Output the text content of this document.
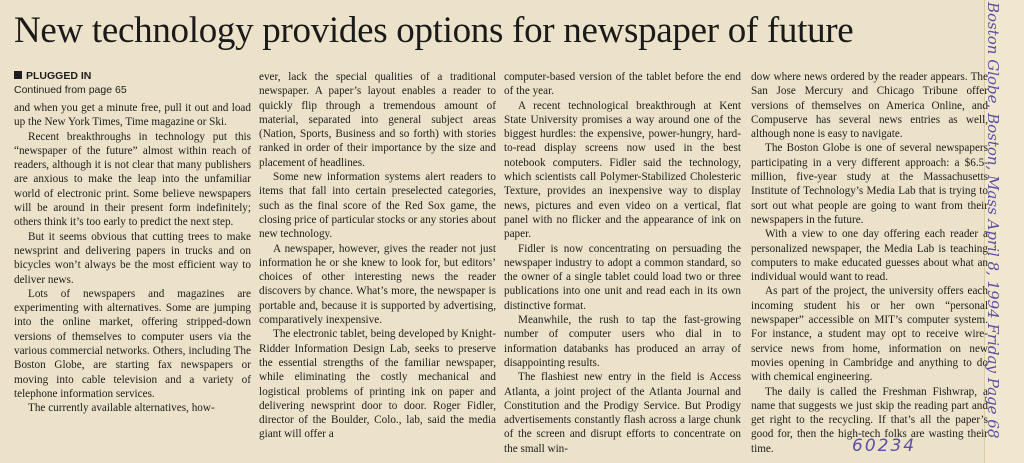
New technology provides options for newspaper of future

PLUGGED IN

Continued from page 65

and when you get a minute free, pull it out and load up the New York Times, Time magazine or Ski.

Recent breakthroughs in technology put this “newspaper of the future” almost within reach of readers, although it is not clear that many publishers are anxious to make the leap into the unfamiliar world of electronic print. Some believe newspapers will be around in their present form indefinitely; others think it’s too early to predict the next step.

But it seems obvious that cutting trees to make newsprint and delivering papers in trucks and on bicycles won’t always be the most efficient way to deliver news.

Lots of newspapers and magazines are experimenting with alternatives. Some are jumping into the online market, offering stripped-down versions of themselves to computer users via the various commercial networks. Others, including The Boston Globe, are starting fax newspapers or moving into cable television and a variety of telephone information services.

The currently available alternatives, how-

ever, lack the special qualities of a traditional newspaper. A paper’s layout enables a reader to quickly flip through a tremendous amount of material, separated into general subject areas (Nation, Sports, Business and so forth) with stories ranked in order of their importance by the size and placement of headlines.

Some new information systems alert readers to items that fall into certain preselected categories, such as the final score of the Red Sox game, the closing price of particular stocks or any stories about new technology.

A newspaper, however, gives the reader not just information he or she knew to look for, but editors’ choices of other interesting news the reader discovers by chance. What’s more, the newspaper is portable and, because it is supported by advertising, comparatively inexpensive.

The electronic tablet, being developed by Knight-Ridder Information Design Lab, seeks to preserve the essential strengths of the familiar newspaper, while eliminating the costly mechanical and logistical problems of printing ink on paper and delivering newsprint door to door. Roger Fidler, director of the Boulder, Colo., lab, said the media giant will offer a

computer-based version of the tablet before the end of the year.

A recent technological breakthrough at Kent State University promises a way around one of the biggest hurdles: the expensive, power-hungry, hard-to-read display screens now used in the best notebook computers. Fidler said the technology, which scientists call Polymer-Stabilized Cholesteric Texture, provides an inexpensive way to display news, pictures and even video on a vertical, flat panel with no flicker and the appearance of ink on paper.

Fidler is now concentrating on persuading the newspaper industry to adopt a common standard, so the owner of a single tablet could load two or three publications into one unit and read each in its own distinctive format.

Meanwhile, the rush to tap the fast-growing number of computer users who dial in to information databanks has produced an array of disappointing results.

The flashiest new entry in the field is Access Atlanta, a joint project of the Atlanta Journal and Constitution and the Prodigy Service. But Prodigy advertisements constantly flash across a large chunk of the screen and disrupt efforts to concentrate on the small win-

dow where news ordered by the reader appears. The San Jose Mercury and Chicago Tribune offer versions of themselves on America Online, and Compuserve has several news entries as well, although none is easy to navigate.

The Boston Globe is one of several newspapers participating in a very different approach: a $6.5-million, five-year study at the Massachusetts Institute of Technology’s Media Lab that is trying to sort out what people are going to want from their newspapers in the future.

With a view to one day offering each reader a personalized newspaper, the Media Lab is teaching computers to make educated guesses about what an individual would want to read.

As part of the project, the university offers each incoming student his or her own “personal newspaper” accessible on MIT’s computer system. For instance, a student may opt to receive wire-service news from home, information on new movies opening in Cambridge and anything to do with chemical engineering.

The daily is called the Freshman Fishwrap, a name that suggests we just skip the reading part and get right to the recycling. If that’s all the paper’s good for, then the high-tech folks are wasting their time.

Boston Globe, Boston, Mass April 8, 1994 Friday Page 68
60234
